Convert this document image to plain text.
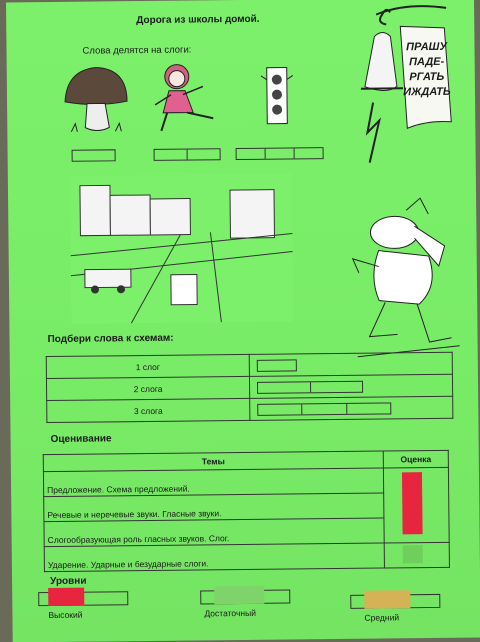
Дорога из школы домой.
Слова делятся на слоги:	ПРАШУ
ПАДЕ-
РГАТЬ
ИЖДАТЬ
Подбери слова к схемам:
1 слог	

2 слога	

3 слога	
Оценивание
Темы	Оценка
Предложение. Схема предложений.	

Речевые и неречевые звуки. Гласные звуки.	
Слогообразующая роль гласных звуков. Слог.	
Ударение. Ударные и безударные слоги.	
Уровни
Высокий	Достаточный	Средний
